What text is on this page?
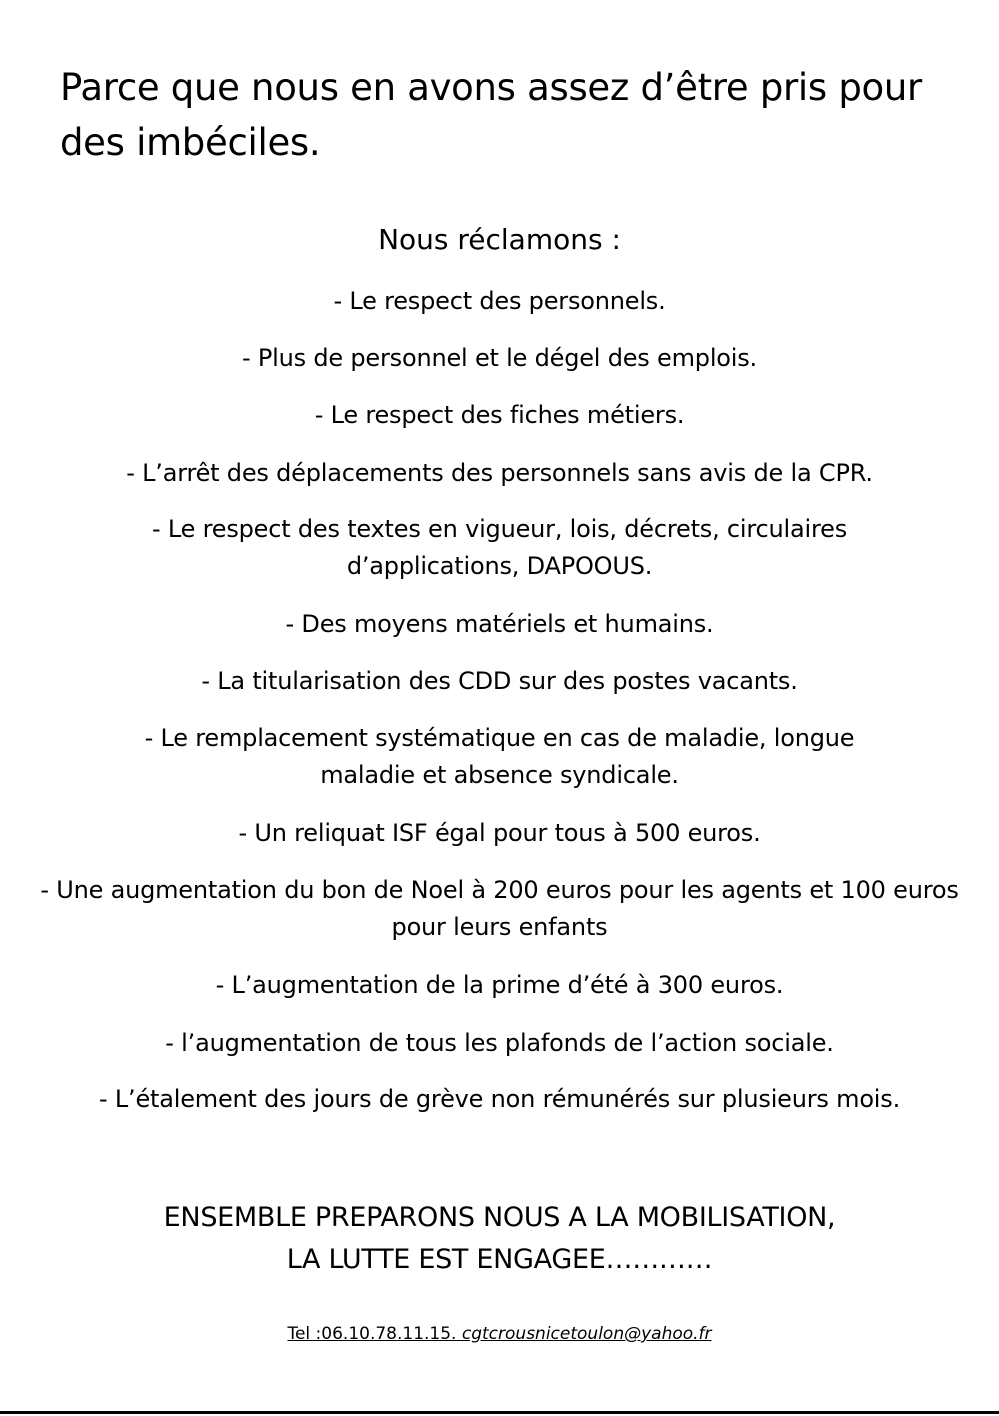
Parce que nous en avons assez d’être pris pour des imbéciles.

Nous réclamons :

- Le respect des personnels.
- Plus de personnel et le dégel des emplois.
- Le respect des fiches métiers.
- L’arrêt des déplacements des personnels sans avis de la CPR.
- Le respect des textes en vigueur, lois, décrets, circulaires d’applications, DAPOOUS.
- Des moyens matériels et humains.
- La titularisation des CDD sur des postes vacants.
- Le remplacement systématique en cas de maladie, longue maladie et absence syndicale.
- Un reliquat ISF égal pour tous à 500 euros.
- Une augmentation du bon de Noel à 200 euros pour les agents et 100 euros pour leurs enfants
- L’augmentation de la prime d’été à 300 euros.
- l’augmentation de tous les plafonds de l’action sociale.
- L’étalement des jours de grève non rémunérés sur plusieurs mois.
ENSEMBLE PREPARONS NOUS A LA MOBILISATION,
LA LUTTE EST ENGAGEE…………
Tel :06.10.78.11.15. cgtcrousnicetoulon@yahoo.fr
